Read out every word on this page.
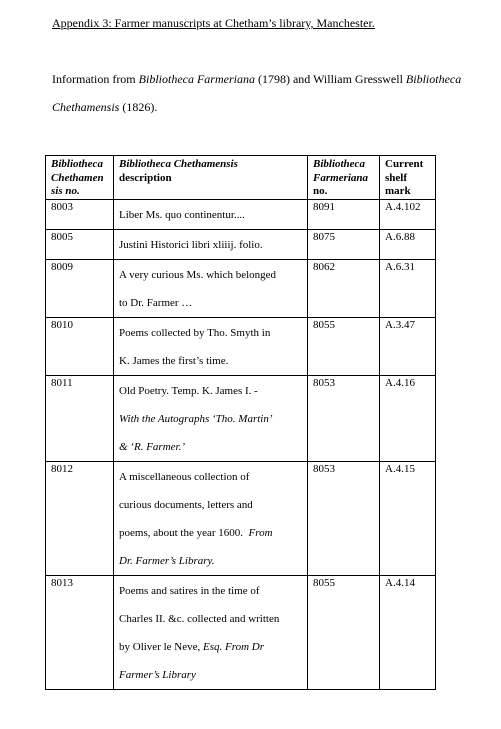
Appendix 3: Farmer manuscripts at Chetham’s library, Manchester.
Information from Bibliotheca Farmeriana (1798) and William Gresswell Bibliotheca
Chethamensis (1826).
Bibliotheca
Chethamen
sis no.	Bibliotheca Chethamensis
description	Bibliotheca
Farmeriana
no.	Current
shelf
mark

8003	Liber Ms. quo continentur....	8091	A.4.102
8005	Justini Historici libri xliiij. folio.	8075	A.6.88
8009	A very curious Ms. which belonged
to Dr. Farmer …	8062	A.6.31
8010	Poems collected by Tho. Smyth in
K. James the first’s time.	8055	A.3.47
8011	Old Poetry. Temp. K. James I. -
With the Autographs ‘Tho. Martin’
& ‘R. Farmer.’	8053	A.4.16
8012	A miscellaneous collection of
curious documents, letters and
poems, about the year 1600.  From
Dr. Farmer’s Library.	8053	A.4.15
8013	Poems and satires in the time of
Charles II. &c. collected and written
by Oliver le Neve, Esq. From Dr
Farmer’s Library	8055	A.4.14
